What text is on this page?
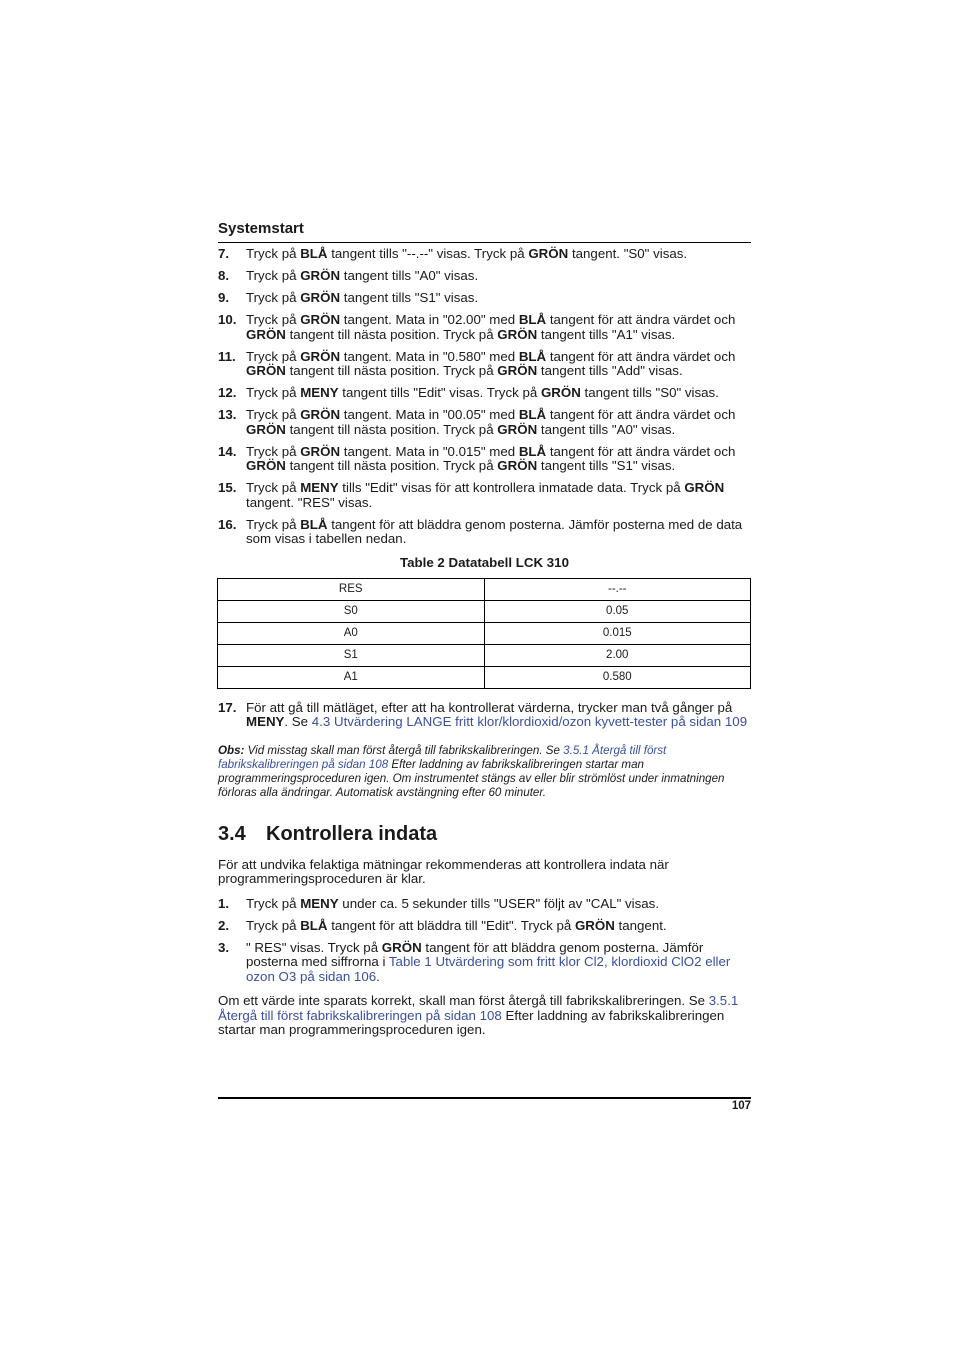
Systemstart

7. Tryck på BLÅ tangent tills "--.--" visas. Tryck på GRÖN tangent. "S0" visas.
8. Tryck på GRÖN tangent tills "A0" visas.
9. Tryck på GRÖN tangent tills "S1" visas.
10. Tryck på GRÖN tangent. Mata in "02.00" med BLÅ tangent för att ändra värdet och GRÖN tangent till nästa position. Tryck på GRÖN tangent tills "A1" visas.
11. Tryck på GRÖN tangent. Mata in "0.580" med BLÅ tangent för att ändra värdet och GRÖN tangent till nästa position. Tryck på GRÖN tangent tills "Add" visas.
12. Tryck på MENY tangent tills "Edit" visas. Tryck på GRÖN tangent tills "S0" visas.
13. Tryck på GRÖN tangent. Mata in "00.05" med BLÅ tangent för att ändra värdet och GRÖN tangent till nästa position. Tryck på GRÖN tangent tills "A0" visas.
14. Tryck på GRÖN tangent. Mata in "0.015" med BLÅ tangent för att ändra värdet och GRÖN tangent till nästa position. Tryck på GRÖN tangent tills "S1" visas.
15. Tryck på MENY tills "Edit" visas för att kontrollera inmatade data. Tryck på GRÖN tangent. "RES" visas.
16. Tryck på BLÅ tangent för att bläddra genom posterna. Jämför posterna med de data som visas i tabellen nedan.
Table 2 Datatabell LCK 310
RES	--.--
S0	0.05
A0	0.015
S1	2.00
A1	0.580
17. För att gå till mätläget, efter att ha kontrollerat värderna, trycker man två gånger på MENY. Se 4.3 Utvärdering LANGE fritt klor/klordioxid/ozon kyvett-tester på sidan 109

Obs: Vid misstag skall man först återgå till fabrikskalibreringen. Se 3.5.1 Återgå till först fabrikskalibreringen på sidan 108 Efter laddning av fabrikskalibreringen startar man programmeringsproceduren igen. Om instrumentet stängs av eller blir strömlöst under inmatningen förloras alla ändringar. Automatisk avstängning efter 60 minuter.

3.4 Kontrollera indata

För att undvika felaktiga mätningar rekommenderas att kontrollera indata när programmeringsproceduren är klar.

1. Tryck på MENY under ca. 5 sekunder tills "USER" följt av "CAL" visas.
2. Tryck på BLÅ tangent för att bläddra till "Edit". Tryck på GRÖN tangent.
3. " RES" visas. Tryck på GRÖN tangent för att bläddra genom posterna. Jämför posterna med siffrorna i Table 1 Utvärdering som fritt klor Cl2, klordioxid ClO2 eller ozon O3 på sidan 106.

Om ett värde inte sparats korrekt, skall man först återgå till fabrikskalibreringen. Se 3.5.1 Återgå till först fabrikskalibreringen på sidan 108 Efter laddning av fabrikskalibreringen startar man programmeringsproceduren igen.

107
